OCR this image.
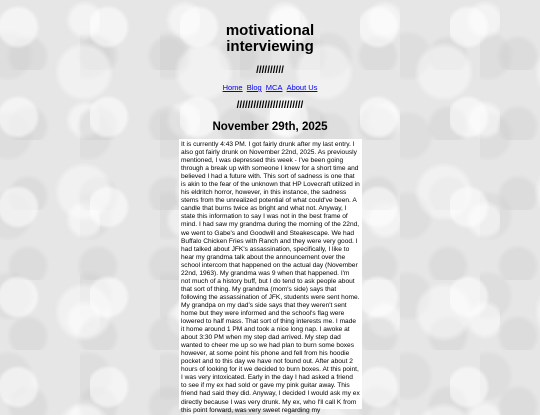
motivational
interviewing
//////////
Home Blog MCA About Us
////////////////////////
November 29th, 2025
It is currently 4:43 PM. I got fairly drunk after my last entry. I also got fairly drunk on November 22nd, 2025. As previously mentioned, I was depressed this week - I've been going through a break up with someone I knew for a short time and believed I had a future with. This sort of sadness is one that is akin to the fear of the unknown that HP Lovecraft utilized in his eldritch horror, however, in this instance, the sadness stems from the unrealized potential of what could've been. A candle that burns twice as bright and what not. Anyway, I state this information to say I was not in the best frame of mind. I had saw my grandma during the morning of the 22nd, we went to Gabe's and Goodwill and Steakescape. We had Buffalo Chicken Fries with Ranch and they were very good. I had talked about JFK's assassination, specifically, I like to hear my grandma talk about the announcement over the school intercom that happened on the actual day (November 22nd, 1963). My grandma was 9 when that happened. I'm not much of a history buff, but I do tend to ask people about that sort of thing. My grandma (mom's side) says that following the assassination of JFK, students were sent home. My grandpa on my dad's side says that they weren't sent home but they were informed and the school's flag were lowered to half mass. That sort of thing interests me. I made it home around 1 PM and took a nice long nap. I awoke at about 3:30 PM when my step dad arrived. My step dad wanted to cheer me up so we had plan to burn some boxes however, at some point his phone and fell from his hoodie pocket and to this day we have not found out. After about 2 hours of looking for it we decided to burn boxes. At this point, I was very intoxicated. Early in the day I had asked a friend to see if my ex had sold or gave my pink guitar away. This friend had said they did. Anyway, I decided I would ask my ex directly because I was very drunk. My ex, who I'll call K from this point forward, was very sweet regarding my
